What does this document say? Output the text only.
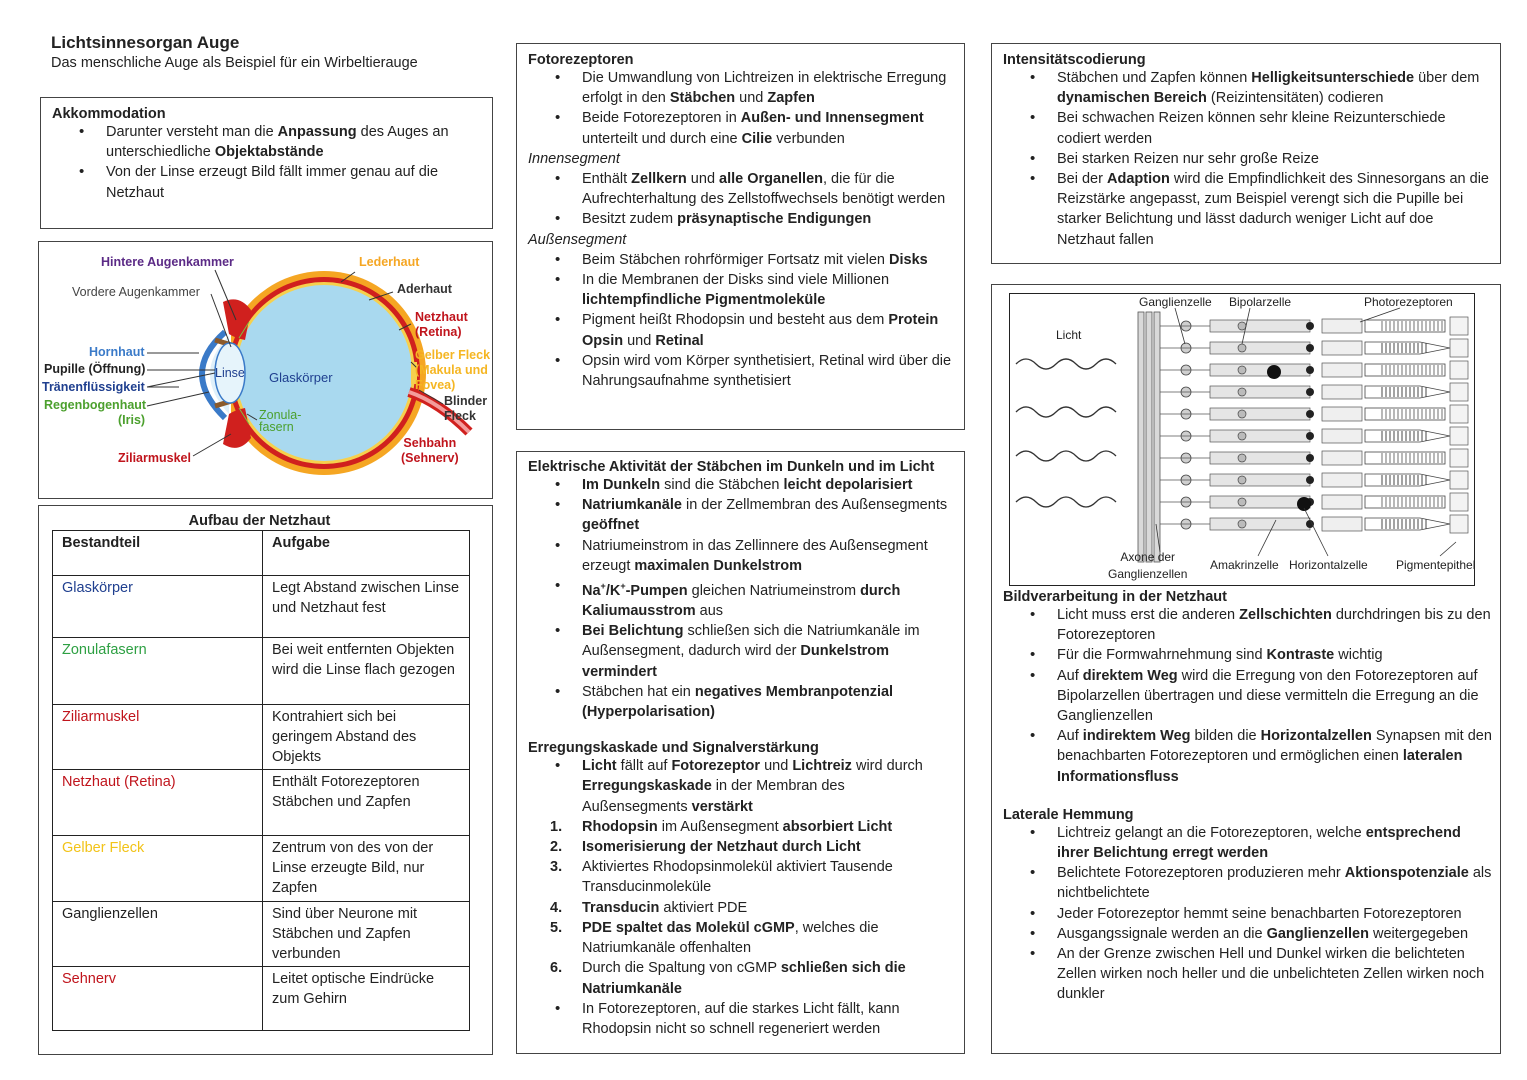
Lichtsinnesorgan Auge
Das menschliche Auge als Beispiel für ein Wirbeltierauge
Akkommodation
• Darunter versteht man die Anpassung des Auges an unterschiedliche Objektabstände
• Von der Linse erzeugt Bild fällt immer genau auf die Netzhaut
Hintere Augenkammer
Vordere Augenkammer
Hornhaut
Pupille (Öffnung)
Tränenflüssigkeit
Regenbogenhaut
(Iris)
Ziliarmuskel
Linse Glaskörper
Zonula-
fasern
Lederhaut
Aderhaut
Netzhaut
(Retina)
Gelber Fleck
(Makula und
Fovea)
Blinder
Fleck
Sehbahn
(Sehnerv)
Aufbau der Netzhaut
Bestandteil	Aufgabe
Glaskörper	Legt Abstand zwischen Linse und Netzhaut fest
Zonulafasern	Bei weit entfernten Objekten wird die Linse flach gezogen
Ziliarmuskel	Kontrahiert sich bei geringem Abstand des Objekts
Netzhaut (Retina)	Enthält Fotorezeptoren Stäbchen und Zapfen
Gelber Fleck	Zentrum von des von der Linse erzeugte Bild, nur Zapfen
Ganglienzellen	Sind über Neurone mit Stäbchen und Zapfen verbunden
Sehnerv	Leitet optische Eindrücke zum Gehirn
Fotorezeptoren
• Die Umwandlung von Lichtreizen in elektrische Erregung erfolgt in den Stäbchen und Zapfen
• Beide Fotorezeptoren in Außen- und Innensegment unterteilt und durch eine Cilie verbunden
Innensegment
• Enthält Zellkern und alle Organellen, die für die Aufrechterhaltung des Zellstoffwechsels benötigt werden
• Besitzt zudem präsynaptische Endigungen
Außensegment
• Beim Stäbchen rohrförmiger Fortsatz mit vielen Disks
• In die Membranen der Disks sind viele Millionen lichtempfindliche Pigmentmoleküle
• Pigment heißt Rhodopsin und besteht aus dem Protein Opsin und Retinal
• Opsin wird vom Körper synthetisiert, Retinal wird über die Nahrungsaufnahme synthetisiert
Elektrische Aktivität der Stäbchen im Dunkeln und im Licht
• Im Dunkeln sind die Stäbchen leicht depolarisiert
• Natriumkanäle in der Zellmembran des Außensegments geöffnet
• Natriumeinstrom in das Zellinnere des Außensegment erzeugt maximalen Dunkelstrom
• Na+/K+-Pumpen gleichen Natriumeinstrom durch Kaliumausstrom aus
• Bei Belichtung schließen sich die Natriumkanäle im Außensegment, dadurch wird der Dunkelstrom vermindert
• Stäbchen hat ein negatives Membranpotenzial (Hyperpolarisation)
Erregungskaskade und Signalverstärkung
• Licht fällt auf Fotorezeptor und Lichtreiz wird durch Erregungskaskade in der Membran des Außensegments verstärkt
1. Rhodopsin im Außensegment absorbiert Licht
2. Isomerisierung der Netzhaut durch Licht
3. Aktiviertes Rhodopsinmolekül aktiviert Tausende Transducinmoleküle
4. Transducin aktiviert PDE
5. PDE spaltet das Molekül cGMP, welches die Natriumkanäle offenhalten
6. Durch die Spaltung von cGMP schließen sich die Natriumkanäle
• In Fotorezeptoren, auf die starkes Licht fällt, kann Rhodopsin nicht so schnell regeneriert werden
Intensitätscodierung
• Stäbchen und Zapfen können Helligkeitsunterschiede über dem dynamischen Bereich (Reizintensitäten) codieren
• Bei schwachen Reizen können sehr kleine Reizunterschiede codiert werden
• Bei starken Reizen nur sehr große Reize
• Bei der Adaption wird die Empfindlichkeit des Sinnesorgans an die Reizstärke angepasst, zum Beispiel verengt sich die Pupille bei starker Belichtung und lässt dadurch weniger Licht auf doe Netzhaut fallen
Licht
Ganglienzelle Bipolarzelle	Photorezeptoren
Axone der
Ganglienzellen
Amakrinzelle Horizontalzelle Pigmentepithel
Bildverarbeitung in der Netzhaut
• Licht muss erst die anderen Zellschichten durchdringen bis zu den Fotorezeptoren
• Für die Formwahrnehmung sind Kontraste wichtig
• Auf direktem Weg wird die Erregung von den Fotorezeptoren auf Bipolarzellen übertragen und diese vermitteln die Erregung an die Ganglienzellen
• Auf indirektem Weg bilden die Horizontalzellen Synapsen mit den benachbarten Fotorezeptoren und ermöglichen einen lateralen Informationsfluss
Laterale Hemmung
• Lichtreiz gelangt an die Fotorezeptoren, welche entsprechend ihrer Belichtung erregt werden
• Belichtete Fotorezeptoren produzieren mehr Aktionspotenziale als nichtbelichtete
• Jeder Fotorezeptor hemmt seine benachbarten Fotorezeptoren
• Ausgangssignale werden an die Ganglienzellen weitergegeben
• An der Grenze zwischen Hell und Dunkel wirken die belichteten Zellen wirken noch heller und die unbelichteten Zellen wirken noch dunkler
